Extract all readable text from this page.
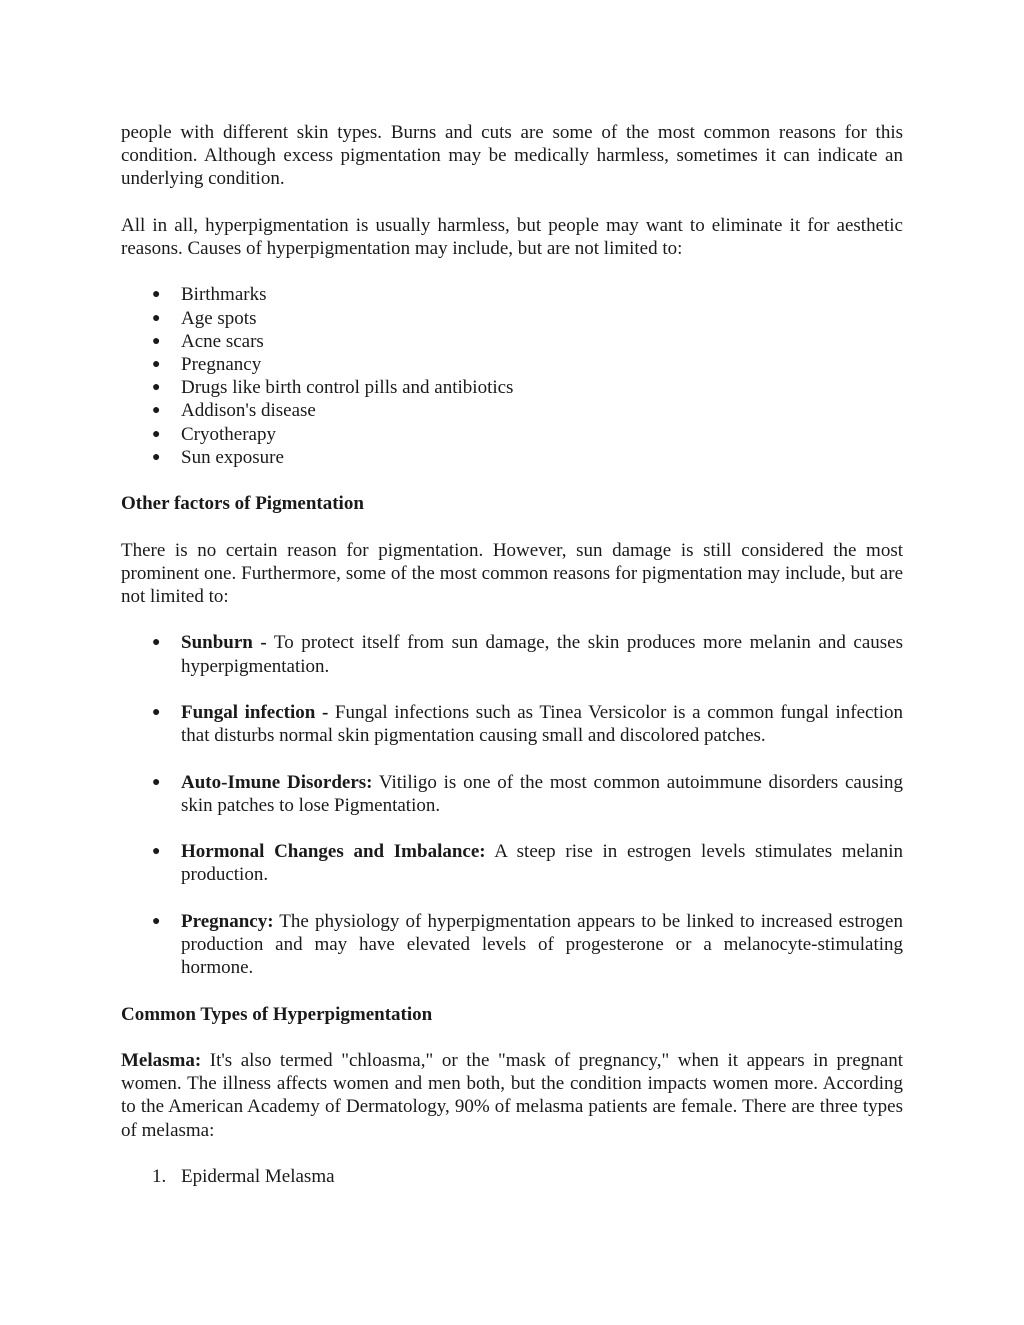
people with different skin types. Burns and cuts are some of the most common reasons for this condition. Although excess pigmentation may be medically harmless, sometimes it can indicate an underlying condition.

All in all, hyperpigmentation is usually harmless, but people may want to eliminate it for aesthetic reasons. Causes of hyperpigmentation may include, but are not limited to:

● Birthmarks
● Age spots
● Acne scars
● Pregnancy
● Drugs like birth control pills and antibiotics
● Addison's disease
● Cryotherapy
● Sun exposure
Other factors of Pigmentation

There is no certain reason for pigmentation. However, sun damage is still considered the most prominent one. Furthermore, some of the most common reasons for pigmentation may include, but are not limited to:

● Sunburn - To protect itself from sun damage, the skin produces more melanin and causes hyperpigmentation.
● Fungal infection - Fungal infections such as Tinea Versicolor is a common fungal infection that disturbs normal skin pigmentation causing small and discolored patches.
● Auto-Imune Disorders: Vitiligo is one of the most common autoimmune disorders causing skin patches to lose Pigmentation.
● Hormonal Changes and Imbalance: A steep rise in estrogen levels stimulates melanin production.
● Pregnancy: The physiology of hyperpigmentation appears to be linked to increased estrogen production and may have elevated levels of progesterone or a melanocyte-stimulating hormone.
Common Types of Hyperpigmentation

Melasma: It's also termed "chloasma," or the "mask of pregnancy," when it appears in pregnant women. The illness affects women and men both, but the condition impacts women more. According to the American Academy of Dermatology, 90% of melasma patients are female. There are three types of melasma:

1. Epidermal Melasma
